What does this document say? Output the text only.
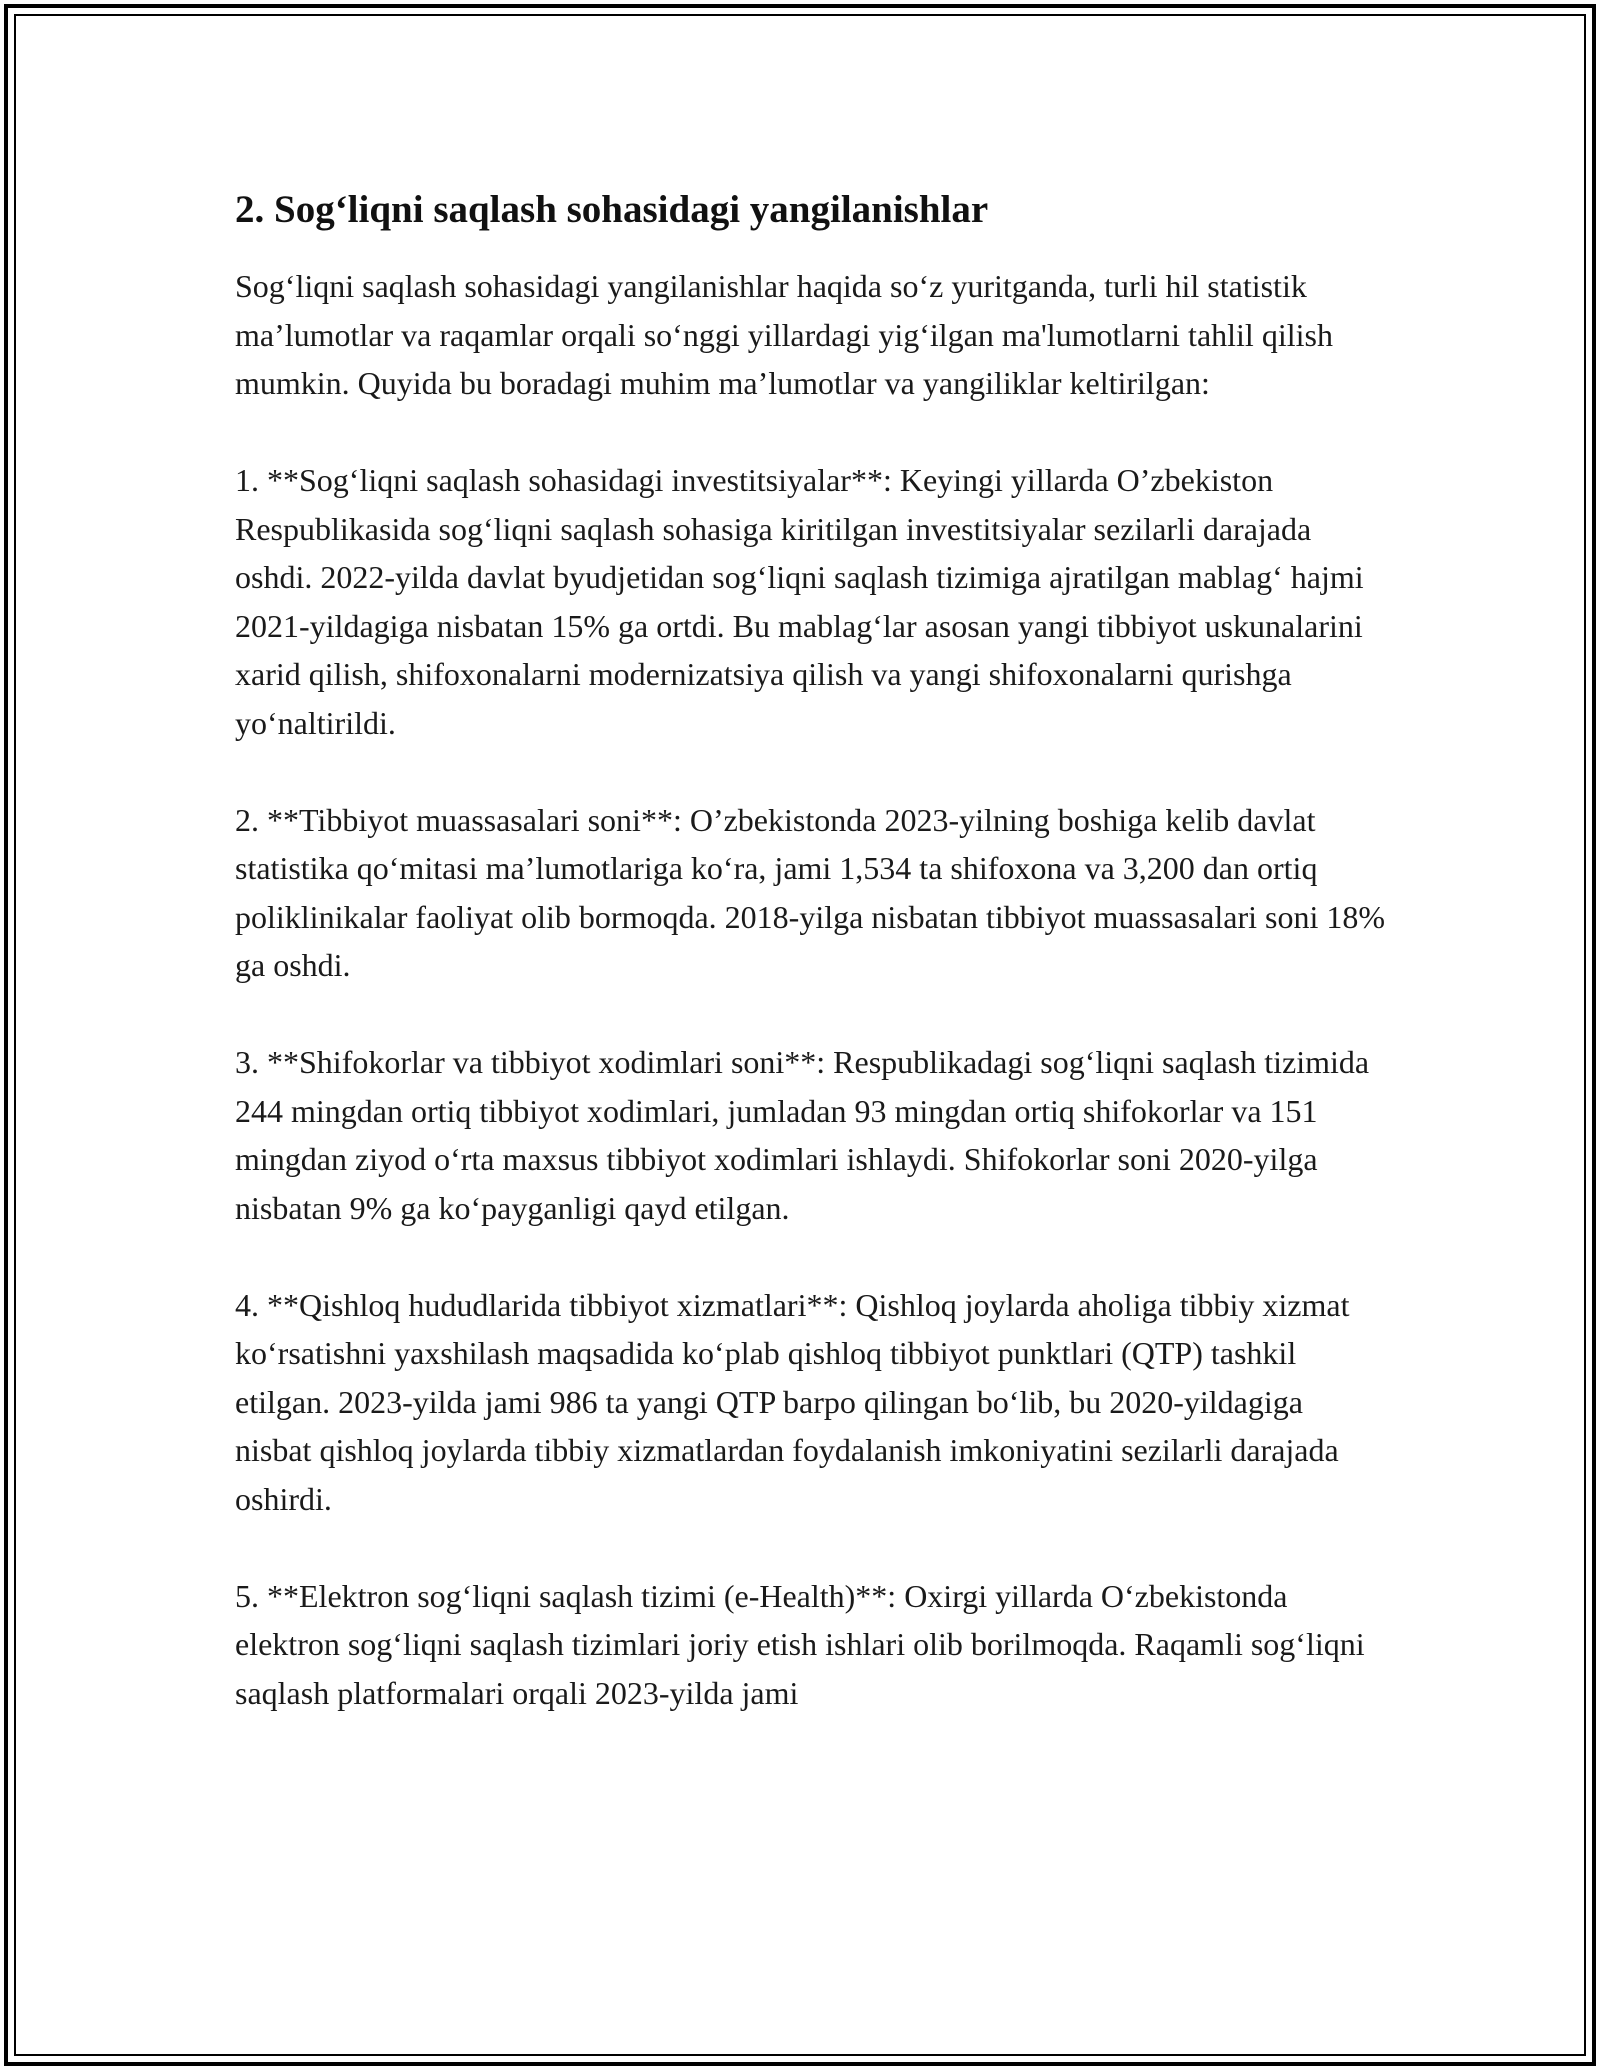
2. Sog‘liqni saqlash sohasidagi yangilanishlar

Sog‘liqni saqlash sohasidagi yangilanishlar haqida so‘z yuritganda, turli hil statistik ma’lumotlar va raqamlar orqali so‘nggi yillardagi yig‘ilgan ma'lumotlarni tahlil qilish mumkin. Quyida bu boradagi muhim ma’lumotlar va yangiliklar keltirilgan:

1. **Sog‘liqni saqlash sohasidagi investitsiyalar**: Keyingi yillarda O’zbekiston Respublikasida sog‘liqni saqlash sohasiga kiritilgan investitsiyalar sezilarli darajada oshdi. 2022-yilda davlat byudjetidan sog‘liqni saqlash tizimiga ajratilgan mablag‘ hajmi 2021-yildagiga nisbatan 15% ga ortdi. Bu mablag‘lar asosan yangi tibbiyot uskunalarini xarid qilish, shifoxonalarni modernizatsiya qilish va yangi shifoxonalarni qurishga yo‘naltirildi.

2. **Tibbiyot muassasalari soni**: O’zbekistonda 2023-yilning boshiga kelib davlat statistika qo‘mitasi ma’lumotlariga ko‘ra, jami 1,534 ta shifoxona va 3,200 dan ortiq poliklinikalar faoliyat olib bormoqda. 2018-yilga nisbatan tibbiyot muassasalari soni 18% ga oshdi.

3. **Shifokorlar va tibbiyot xodimlari soni**: Respublikadagi sog‘liqni saqlash tizimida 244 mingdan ortiq tibbiyot xodimlari, jumladan 93 mingdan ortiq shifokorlar va 151 mingdan ziyod o‘rta maxsus tibbiyot xodimlari ishlaydi. Shifokorlar soni 2020-yilga nisbatan 9% ga ko‘payganligi qayd etilgan.

4. **Qishloq hududlarida tibbiyot xizmatlari**: Qishloq joylarda aholiga tibbiy xizmat ko‘rsatishni yaxshilash maqsadida ko‘plab qishloq tibbiyot punktlari (QTP) tashkil etilgan. 2023-yilda jami 986 ta yangi QTP barpo qilingan bo‘lib, bu 2020-yildagiga nisbat qishloq joylarda tibbiy xizmatlardan foydalanish imkoniyatini sezilarli darajada oshirdi.

5. **Elektron sog‘liqni saqlash tizimi (e-Health)**: Oxirgi yillarda O‘zbekistonda elektron sog‘liqni saqlash tizimlari joriy etish ishlari olib borilmoqda. Raqamli sog‘liqni saqlash platformalari orqali 2023-yilda jami
